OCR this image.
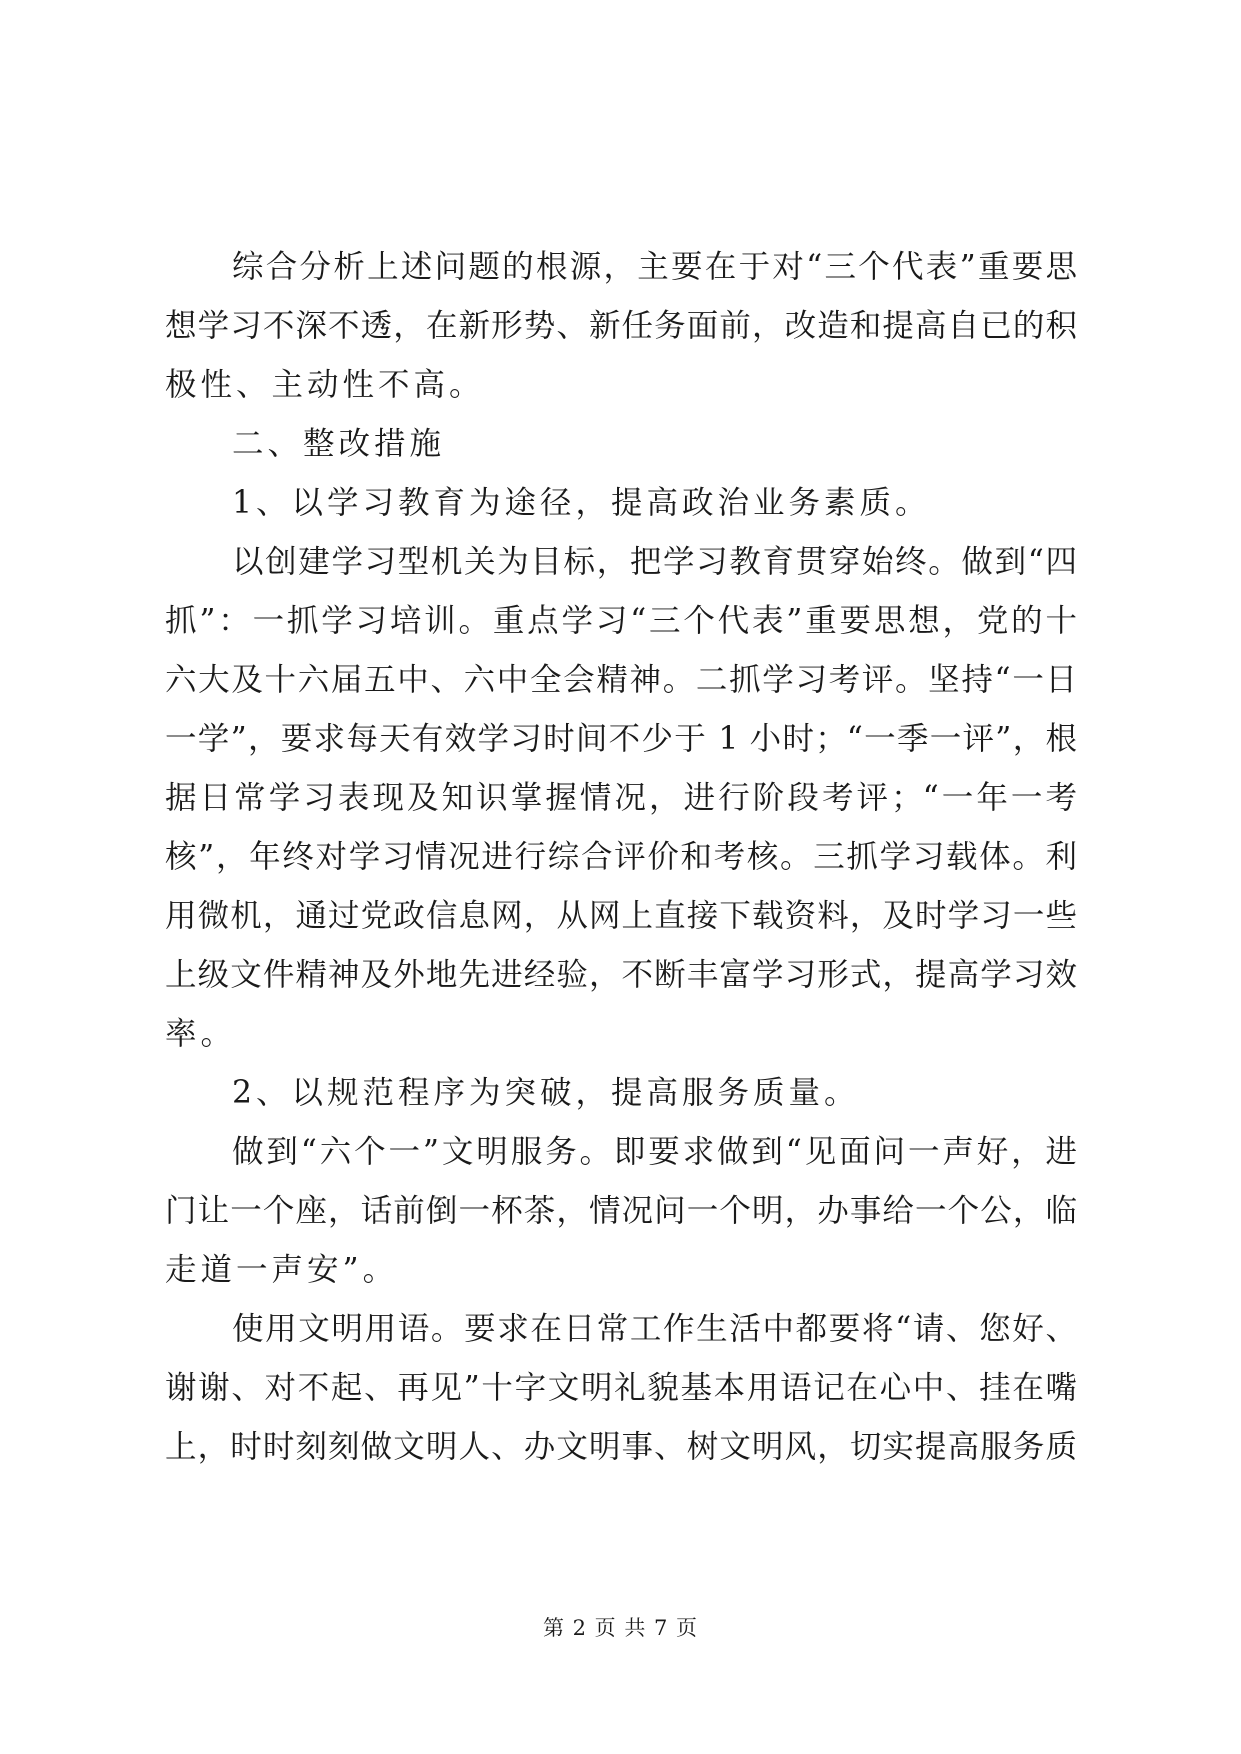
综合分析上述问题的根源，主要在于对“三个代表”重要思
想学习不深不透，在新形势、新任务面前，改造和提高自已的积
极性、主动性不高。
二、整改措施
1、以学习教育为途径，提高政治业务素质。
以创建学习型机关为目标，把学习教育贯穿始终。做到“四
抓”：一抓学习培训。重点学习“三个代表”重要思想，党的十
六大及十六届五中、六中全会精神。二抓学习考评。坚持“一日
一学”，要求每天有效学习时间不少于 1 小时；“一季一评”，根
据日常学习表现及知识掌握情况，进行阶段考评；“一年一考
核”，年终对学习情况进行综合评价和考核。三抓学习载体。利
用微机，通过党政信息网，从网上直接下载资料，及时学习一些
上级文件精神及外地先进经验，不断丰富学习形式，提高学习效
率。
2、以规范程序为突破，提高服务质量。
做到“六个一”文明服务。即要求做到“见面问一声好，进
门让一个座，话前倒一杯茶，情况问一个明，办事给一个公，临
走道一声安”。
使用文明用语。要求在日常工作生活中都要将“请、您好、
谢谢、对不起、再见”十字文明礼貌基本用语记在心中、挂在嘴
上，时时刻刻做文明人、办文明事、树文明风，切实提高服务质
第 2 页 共 7 页
